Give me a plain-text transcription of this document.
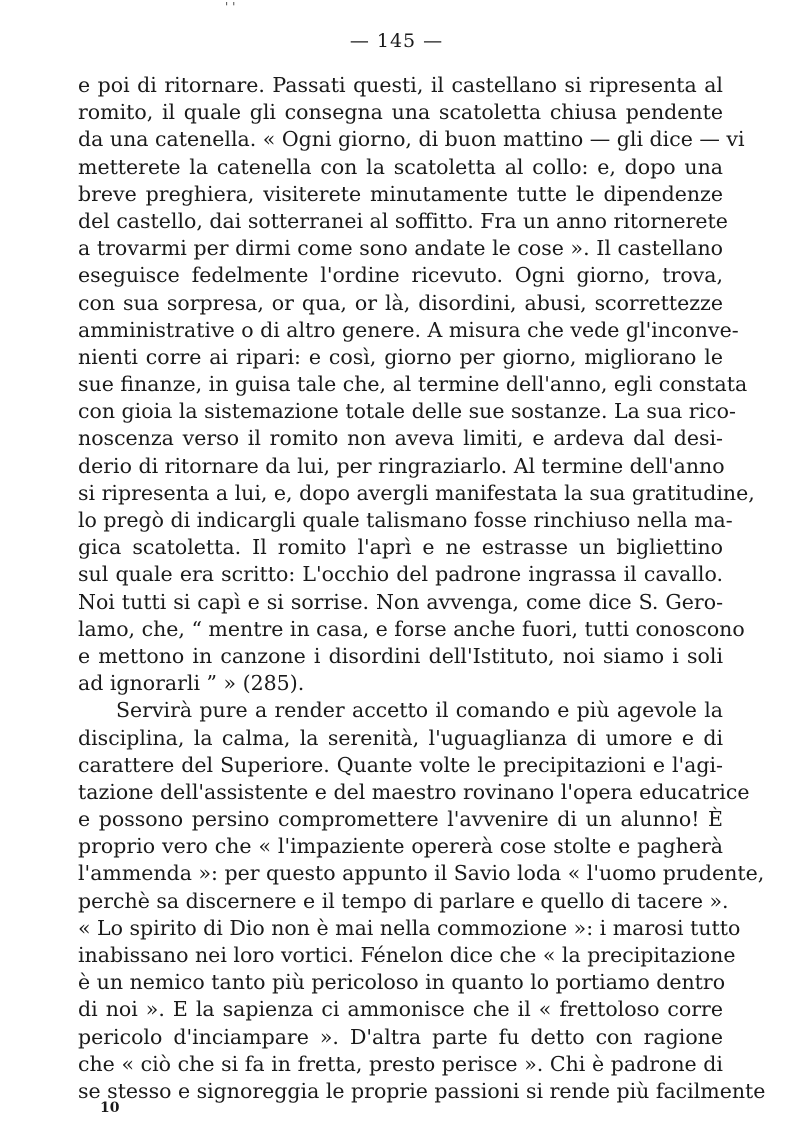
— 145 —
e poi di ritornare. Passati questi, il castellano si ripresenta al
romito, il quale gli consegna una scatoletta chiusa pendente
da una catenella. « Ogni giorno, di buon mattino — gli dice — vi
metterete la catenella con la scatoletta al collo: e, dopo una
breve preghiera, visiterete minutamente tutte le dipendenze
del castello, dai sotterranei al soffitto. Fra un anno ritornerete
a trovarmi per dirmi come sono andate le cose ». Il castellano
eseguisce fedelmente l'ordine ricevuto. Ogni giorno, trova,
con sua sorpresa, or qua, or là, disordini, abusi, scorrettezze
amministrative o di altro genere. A misura che vede gl'inconve-
nienti corre ai ripari: e così, giorno per giorno, migliorano le
sue finanze, in guisa tale che, al termine dell'anno, egli constata
con gioia la sistemazione totale delle sue sostanze. La sua rico-
noscenza verso il romito non aveva limiti, e ardeva dal desi-
derio di ritornare da lui, per ringraziarlo. Al termine dell'anno
si ripresenta a lui, e, dopo avergli manifestata la sua gratitudine,
lo pregò di indicargli quale talismano fosse rinchiuso nella ma-
gica scatoletta. Il romito l'aprì e ne estrasse un bigliettino
sul quale era scritto: L'occhio del padrone ingrassa il cavallo.
Noi tutti si capì e si sorrise. Non avvenga, come dice S. Gero-
lamo, che, “ mentre in casa, e forse anche fuori, tutti conoscono
e mettono in canzone i disordini dell'Istituto, noi siamo i soli
ad ignorarli ” » (285).
Servirà pure a render accetto il comando e più agevole la
disciplina, la calma, la serenità, l'uguaglianza di umore e di
carattere del Superiore. Quante volte le precipitazioni e l'agi-
tazione dell'assistente e del maestro rovinano l'opera educatrice
e possono persino compromettere l'avvenire di un alunno! È
proprio vero che « l'impaziente opererà cose stolte e pagherà
l'ammenda »: per questo appunto il Savio loda « l'uomo prudente,
perchè sa discernere e il tempo di parlare e quello di tacere ».
« Lo spirito di Dio non è mai nella commozione »: i marosi tutto
inabissano nei loro vortici. Fénelon dice che « la precipitazione
è un nemico tanto più pericoloso in quanto lo portiamo dentro
di noi ». E la sapienza ci ammonisce che il « frettoloso corre
pericolo d'inciampare ». D'altra parte fu detto con ragione
che « ciò che si fa in fretta, presto perisce ». Chi è padrone di
se stesso e signoreggia le proprie passioni si rende più facilmente
10
' '
